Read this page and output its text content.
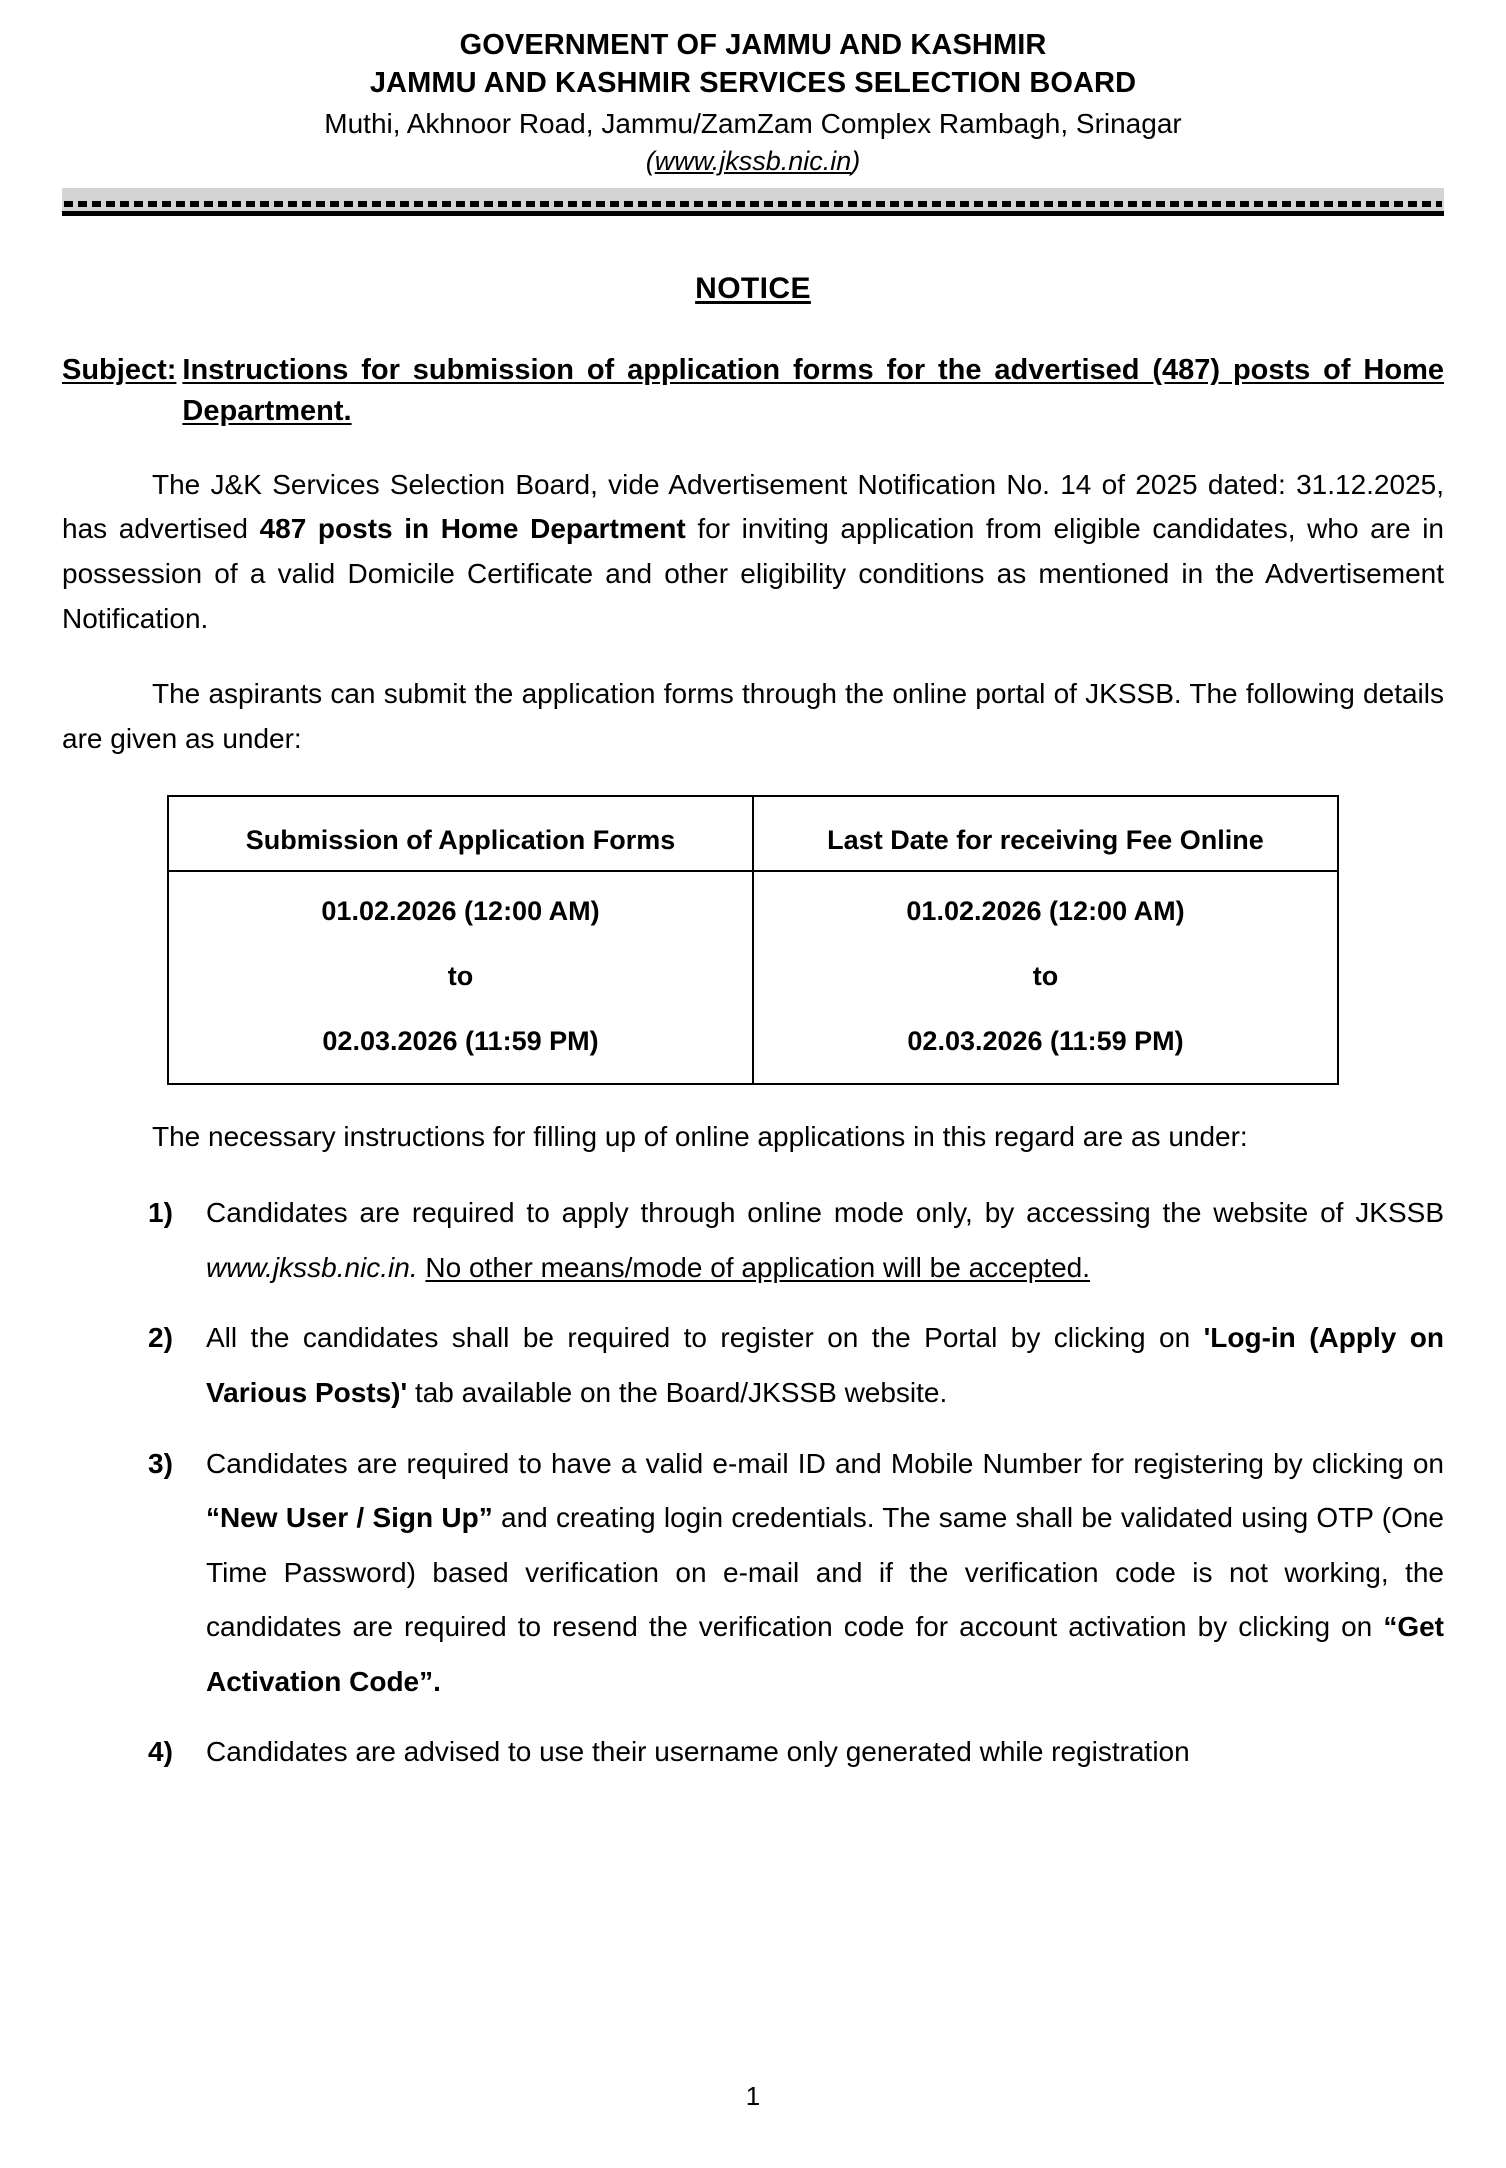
GOVERNMENT OF JAMMU AND KASHMIR
JAMMU AND KASHMIR SERVICES SELECTION BOARD
Muthi, Akhnoor Road, Jammu/ZamZam Complex Rambagh, Srinagar
(www.jkssb.nic.in)
NOTICE
Subject: Instructions for submission of application forms for the advertised (487) posts of Home Department.

The J&K Services Selection Board, vide Advertisement Notification No. 14 of 2025 dated: 31.12.2025, has advertised 487 posts in Home Department for inviting application from eligible candidates, who are in possession of a valid Domicile Certificate and other eligibility conditions as mentioned in the Advertisement Notification.

The aspirants can submit the application forms through the online portal of JKSSB. The following details are given as under:

Submission of Application Forms	Last Date for receiving Fee Online

01.02.2026 (12:00 AM)
to
02.03.2026 (11:59 PM)	01.02.2026 (12:00 AM)
to
02.03.2026 (11:59 PM)

The necessary instructions for filling up of online applications in this regard are as under:

1) Candidates are required to apply through online mode only, by accessing the website of JKSSB www.jkssb.nic.in. No other means/mode of application will be accepted.
2) All the candidates shall be required to register on the Portal by clicking on 'Log-in (Apply on Various Posts)' tab available on the Board/JKSSB website.
3) Candidates are required to have a valid e-mail ID and Mobile Number for registering by clicking on “New User / Sign Up” and creating login credentials. The same shall be validated using OTP (One Time Password) based verification on e-mail and if the verification code is not working, the candidates are required to resend the verification code for account activation by clicking on “Get Activation Code”.
4) Candidates are advised to use their username only generated while registration
1
